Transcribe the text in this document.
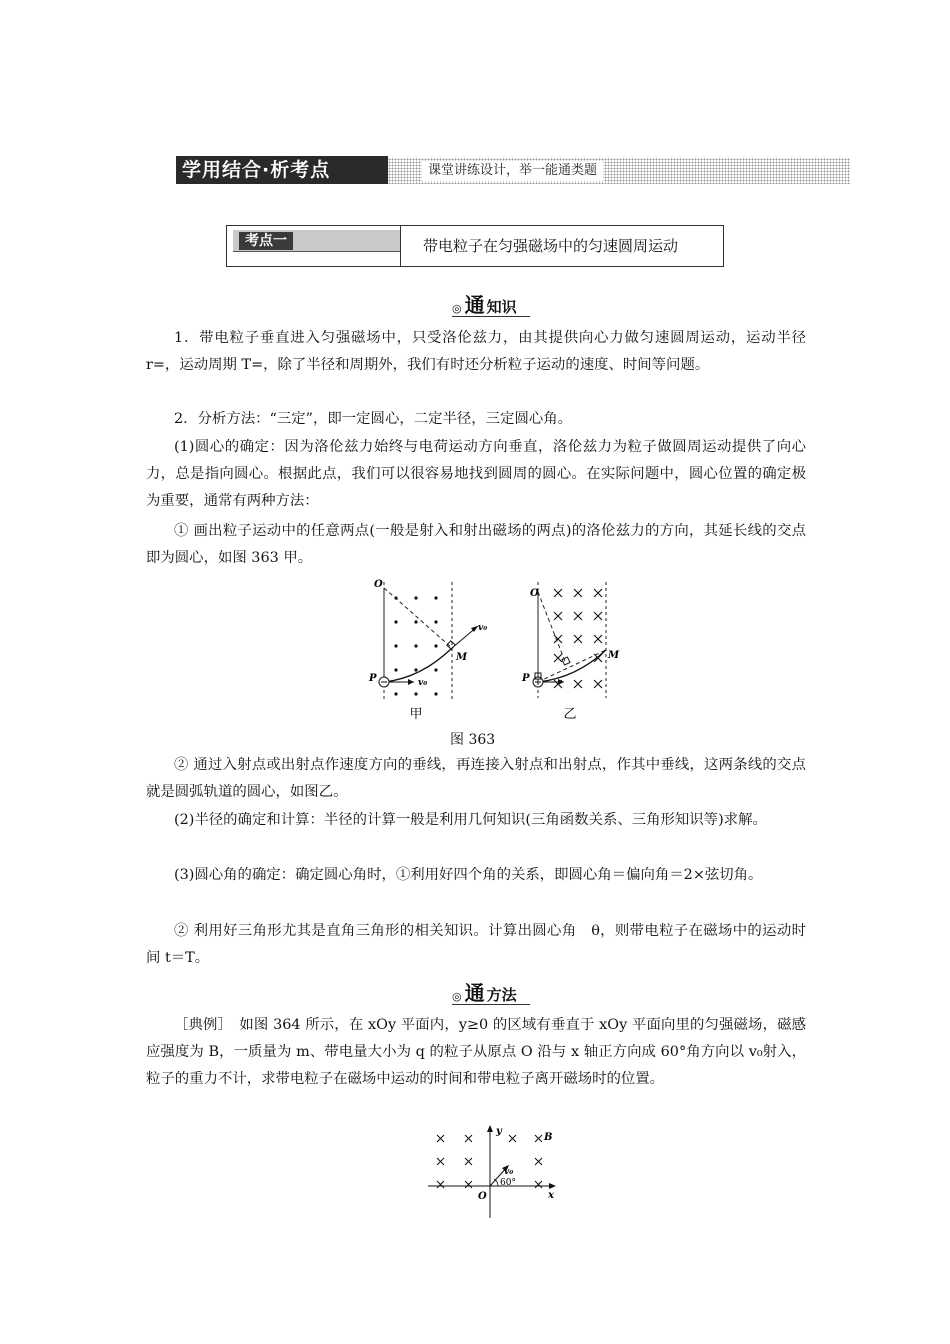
学用结合·析考点	课堂讲练设计，举一能通类题
考点一	带电粒子在匀强磁场中的匀速圆周运动
◎ 通 知识

1．带电粒子垂直进入匀强磁场中，只受洛伦兹力，由其提供向心力做匀速圆周运动，运动半径 r=，运动周期 T=，除了半径和周期外，我们有时还分析粒子运动的速度、时间等问题。

2．分析方法：“三定”，即一定圆心，二定半径，三定圆心角。

(1)圆心的确定：因为洛伦兹力始终与电荷运动方向垂直，洛伦兹力为粒子做圆周运动提供了向心力，总是指向圆心。根据此点，我们可以很容易地找到圆周的圆心。在实际问题中，圆心位置的确定极为重要，通常有两种方法：

① 画出粒子运动中的任意两点(一般是射入和射出磁场的两点)的洛伦兹力的方向，其延长线的交点即为圆心，如图 363 甲。

O
P
M
v₀
v₀
甲
O
P
M
乙
图 363

② 通过入射点或出射点作速度方向的垂线，再连接入射点和出射点，作其中垂线，这两条线的交点就是圆弧轨道的圆心，如图乙。

(2)半径的确定和计算：半径的计算一般是利用几何知识(三角函数关系、三角形知识等)求解。

(3)圆心角的确定：确定圆心角时，①利用好四个角的关系，即圆心角＝偏向角＝2×弦切角。

② 利用好三角形尤其是直角三角形的相关知识。计算出圆心角　θ，则带电粒子在磁场中的运动时间 t＝T。

◎ 通 方法

［典例］　如图 364 所示，在 xOy 平面内，y≥0 的区域有垂直于 xOy 平面向里的匀强磁场，磁感应强度为 B，一质量为 m、带电量大小为 q 的粒子从原点 O 沿与 x 轴正方向成 60°角方向以 v₀射入，粒子的重力不计，求带电粒子在磁场中运动的时间和带电粒子离开磁场时的位置。

y
x
O
B
v₀
60°
